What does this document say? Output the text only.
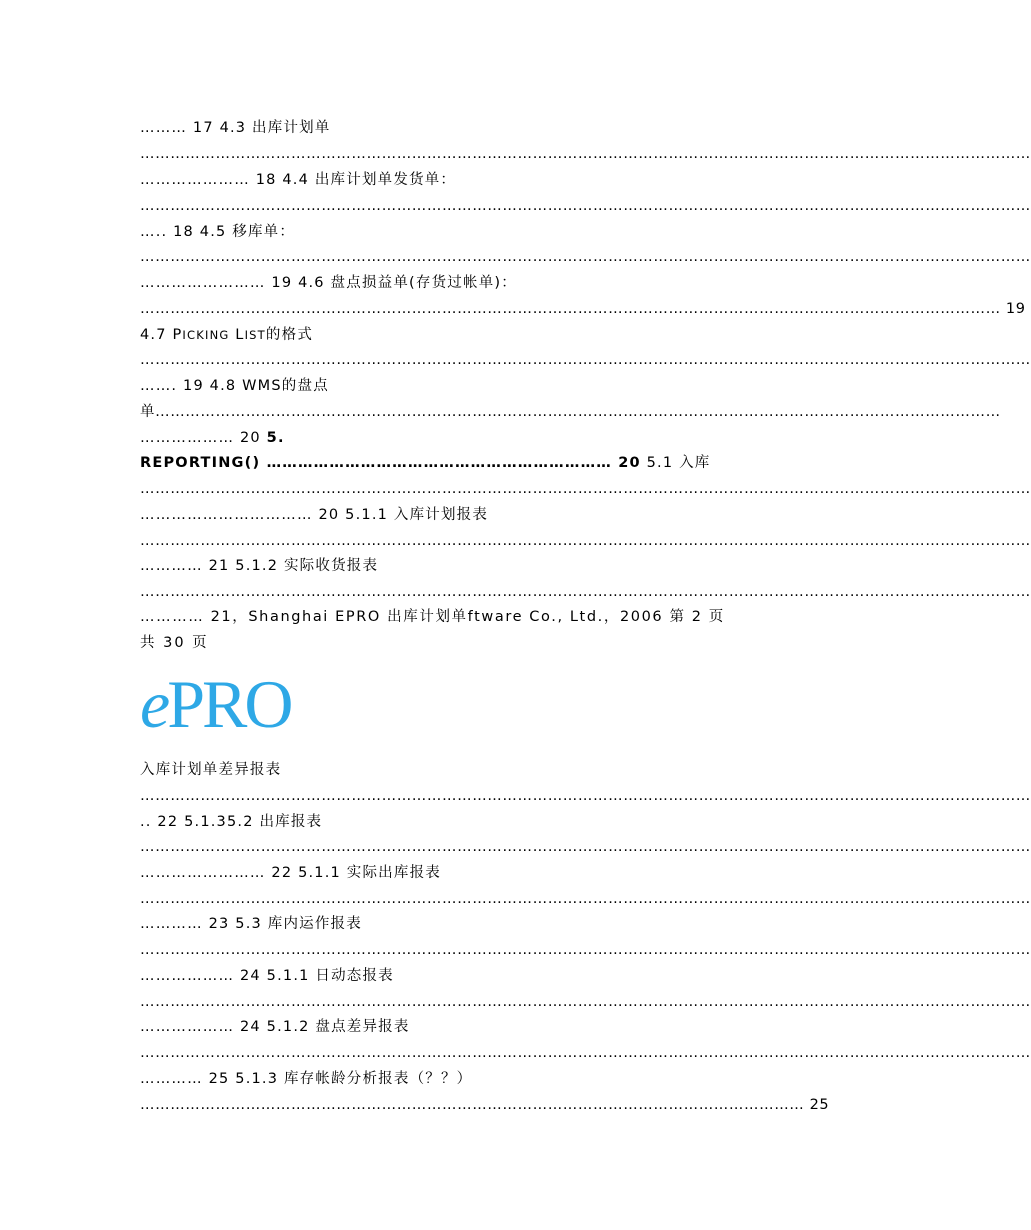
……… 17 4.3 出库计划单

……………………………………………………………………………………………………………………………………………………………

………………… 18 4.4 出库计划单发货单：

……………………………………………………………………………………………………………………………………………………………

….. 18 4.5 移库单：

……………………………………………………………………………………………………………………………………………………………

…………………… 19 4.6 盘点损益单(存货过帐单)：

……………………………………………………………………………………………………………………………………………………… 19

4.7 PICKING LIST的格式

……………………………………………………………………………………………………………………………………………………………

……. 19 4.8 WMS的盘点

单……………………………………………………………………………………………………………………………………………………

……………… 20 5.

REPORTING() ………………………………………………………… 20 5.1 入库

……………………………………………………………………………………………………………………………………………………………

…………………………… 20 5.1.1 入库计划报表

……………………………………………………………………………………………………………………………………………………………

………… 21 5.1.2 实际收货报表

……………………………………………………………………………………………………………………………………………………………

………… 21，Shanghai EPRO 出库计划单ftware Co., Ltd.，2006 第 2 页

共 30 页

ePRO

入库计划单差异报表

……………………………………………………………………………………………………………………………………………………………

.. 22 5.1.35.2 出库报表

……………………………………………………………………………………………………………………………………………………………

…………………… 22 5.1.1 实际出库报表

……………………………………………………………………………………………………………………………………………………………

………… 23 5.3 库内运作报表

……………………………………………………………………………………………………………………………………………………………

……………… 24 5.1.1 日动态报表

……………………………………………………………………………………………………………………………………………………………

……………… 24 5.1.2 盘点差异报表

……………………………………………………………………………………………………………………………………………………………

………… 25 5.1.3 库存帐龄分析报表（？？）

…………………………………………………………………………………………………………………… 25
